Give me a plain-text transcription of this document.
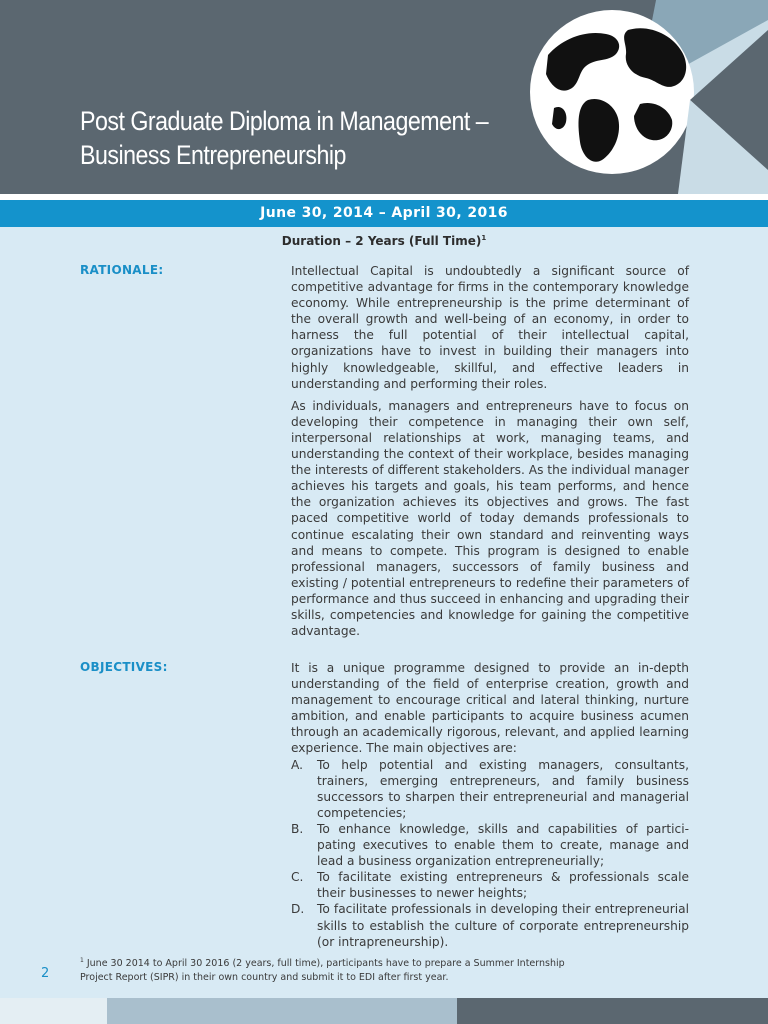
Post Graduate Diploma in Management –
Business Entrepreneurship
June 30, 2014 – April 30, 2016
Duration – 2 Years (Full Time)$^1$
RATIONALE:	Intellectual Capital is undoubtedly a significant source of competitive advantage for firms in the contemporary knowledge economy. While entrepreneurship is the prime determinant of the overall growth and well-being of an economy, in order to harness the full potential of their intellectual capital, organizations have to invest in building their managers into highly knowledgeable, skillful, and effective leaders in understanding and performing their roles.

As individuals, managers and entrepreneurs have to focus on developing their competence in managing their own self, interpersonal relationships at work, managing teams, and understanding the context of their workplace, besides managing the interests of different stakeholders. As the individual manager achieves his targets and goals, his team performs, and hence the organization achieves its objectives and grows. The fast paced competitive world of today demands professionals to continue escalating their own standard and reinventing ways and means to compete. This program is designed to enable professional managers, successors of family business and existing / potential entrepreneurs to redefine their parameters of performance and thus succeed in enhancing and upgrading their skills, competencies and knowledge for gaining the competitive advantage.

OBJECTIVES:	It is a unique programme designed to provide an in-depth understanding of the field of enterprise creation, growth and management to encourage critical and lateral thinking, nurture ambition, and enable participants to acquire business acumen through an academically rigorous, relevant, and applied learning experience. The main objectives are:

A. To help potential and existing managers, consultants, trainers, emerging entrepreneurs, and family business successors to sharpen their entrepreneurial and managerial competencies;
B. To enhance knowledge, skills and capabilities of partici-pating executives to enable them to create, manage and lead a business organization entrepreneurially;
C. To facilitate existing entrepreneurs & professionals scale their businesses to newer heights;
D. To facilitate professionals in developing their entrepreneurial skills to establish the culture of corporate entrepreneurship (or intrapreneurship).
$^1$ June 30 2014 to April 30 2016 (2 years, full time), participants have to prepare a Summer Internship Project Report (SIPR) in their own country and submit it to EDI after first year.
2
